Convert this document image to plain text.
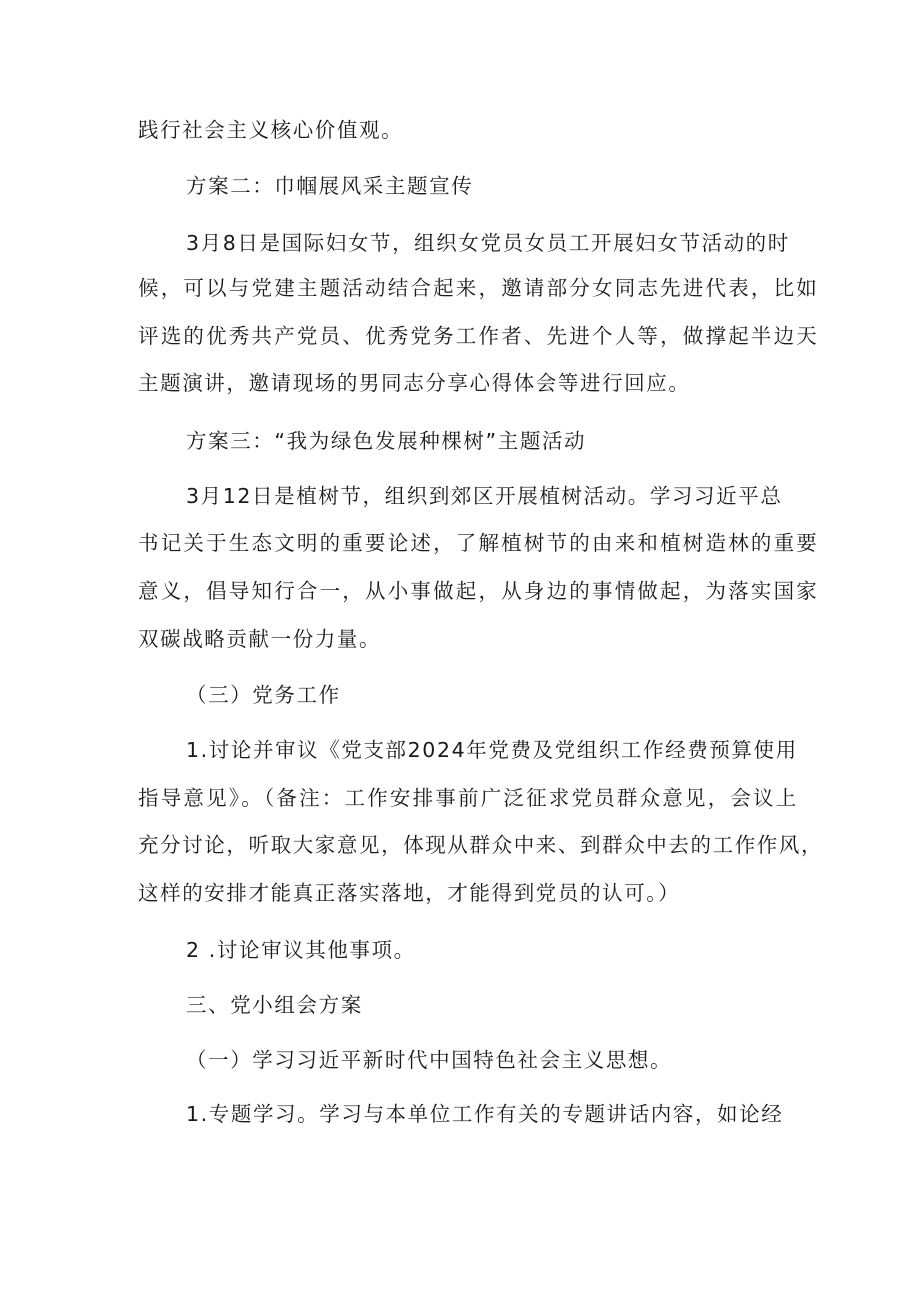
践行社会主义核心价值观。
方案二：巾帼展风采主题宣传
3月8日是国际妇女节，组织女党员女员工开展妇女节活动的时
候，可以与党建主题活动结合起来，邀请部分女同志先进代表，比如
评选的优秀共产党员、优秀党务工作者、先进个人等，做撑起半边天
主题演讲，邀请现场的男同志分享心得体会等进行回应。
方案三：“我为绿色发展种棵树”主题活动
3月12日是植树节，组织到郊区开展植树活动。学习习近平总
书记关于生态文明的重要论述，了解植树节的由来和植树造林的重要
意义，倡导知行合一，从小事做起，从身边的事情做起，为落实国家
双碳战略贡献一份力量。
（三）党务工作
1.讨论并审议《党支部2024年党费及党组织工作经费预算使用
指导意见》。（备注：工作安排事前广泛征求党员群众意见，会议上
充分讨论，听取大家意见，体现从群众中来、到群众中去的工作作风，
这样的安排才能真正落实落地，才能得到党员的认可。）
2 .讨论审议其他事项。
三、党小组会方案
（一）学习习近平新时代中国特色社会主义思想。
1.专题学习。学习与本单位工作有关的专题讲话内容，如论经
